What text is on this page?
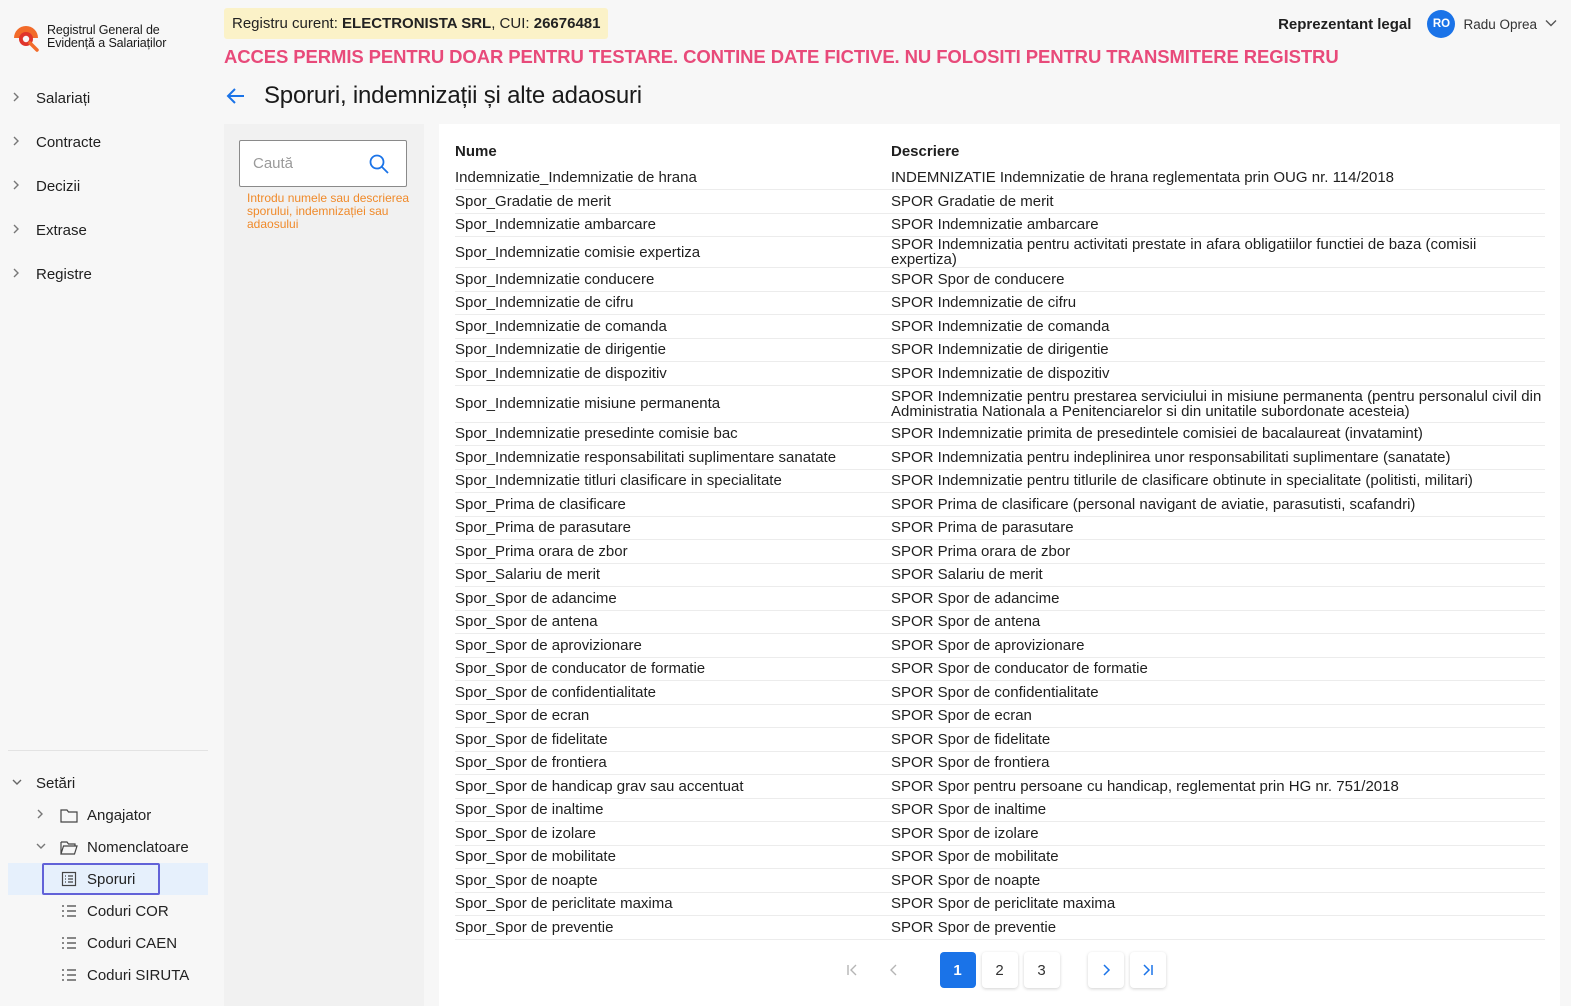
Registrul General de
Evidență a Salariaților
Salariați
Contracte
Decizii
Extrase
Registre
Setări
Angajator
Nomenclatoare
Sporuri
Coduri COR
Coduri CAEN
Coduri SIRUTA
Registru curent: ELECTRONISTA SRL , CUI: 26676481
ACCES PERMIS PENTRU DOAR PENTRU TESTARE. CONTINE DATE FICTIVE. NU FOLOSITI PENTRU TRANSMITERE REGISTRU
Reprezentant legal	RO Radu Oprea
Sporuri, indemnizații și alte adaosuri
Caută
Introdu numele sau descrierea sporului, indemnizației sau adaosului
Nume	Descriere
Indemnizatie_Indemnizatie de hrana	INDEMNIZATIE Indemnizatie de hrana reglementata prin OUG nr. 114/2018
Spor_Gradatie de merit	SPOR Gradatie de merit
Spor_Indemnizatie ambarcare	SPOR Indemnizatie ambarcare
Spor_Indemnizatie comisie expertiza	SPOR Indemnizatia pentru activitati prestate in afara obligatiilor functiei de baza (comisii expertiza)
Spor_Indemnizatie conducere	SPOR Spor de conducere
Spor_Indemnizatie de cifru	SPOR Indemnizatie de cifru
Spor_Indemnizatie de comanda	SPOR Indemnizatie de comanda
Spor_Indemnizatie de dirigentie	SPOR Indemnizatie de dirigentie
Spor_Indemnizatie de dispozitiv	SPOR Indemnizatie de dispozitiv
Spor_Indemnizatie misiune permanenta	SPOR Indemnizatie pentru prestarea serviciului in misiune permanenta (pentru personalul civil din Administratia Nationala a Penitenciarelor si din unitatile subordonate acesteia)
Spor_Indemnizatie presedinte comisie bac	SPOR Indemnizatie primita de presedintele comisiei de bacalaureat (invatamint)
Spor_Indemnizatie responsabilitati suplimentare sanatate	SPOR Indemnizatia pentru indeplinirea unor responsabilitati suplimentare (sanatate)
Spor_Indemnizatie titluri clasificare in specialitate	SPOR Indemnizatie pentru titlurile de clasificare obtinute in specialitate (politisti, militari)
Spor_Prima de clasificare	SPOR Prima de clasificare (personal navigant de aviatie, parasutisti, scafandri)
Spor_Prima de parasutare	SPOR Prima de parasutare
Spor_Prima orara de zbor	SPOR Prima orara de zbor
Spor_Salariu de merit	SPOR Salariu de merit
Spor_Spor de adancime	SPOR Spor de adancime
Spor_Spor de antena	SPOR Spor de antena
Spor_Spor de aprovizionare	SPOR Spor de aprovizionare
Spor_Spor de conducator de formatie	SPOR Spor de conducator de formatie
Spor_Spor de confidentialitate	SPOR Spor de confidentialitate
Spor_Spor de ecran	SPOR Spor de ecran
Spor_Spor de fidelitate	SPOR Spor de fidelitate
Spor_Spor de frontiera	SPOR Spor de frontiera
Spor_Spor de handicap grav sau accentuat	SPOR Spor pentru persoane cu handicap, reglementat prin HG nr. 751/2018
Spor_Spor de inaltime	SPOR Spor de inaltime
Spor_Spor de izolare	SPOR Spor de izolare
Spor_Spor de mobilitate	SPOR Spor de mobilitate
Spor_Spor de noapte	SPOR Spor de noapte
Spor_Spor de periclitate maxima	SPOR Spor de periclitate maxima
Spor_Spor de preventie	SPOR Spor de preventie
1	2	3
